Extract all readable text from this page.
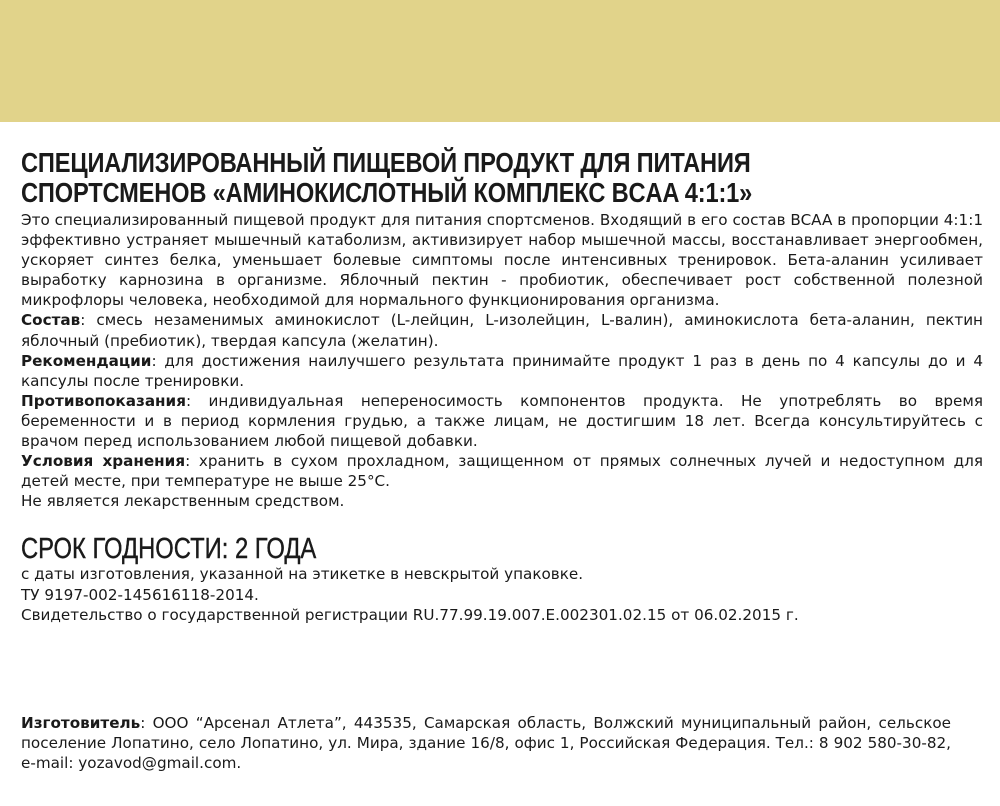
СПЕЦИАЛИЗИРОВАННЫЙ ПИЩЕВОЙ ПРОДУКТ ДЛЯ ПИТАНИЯ
СПОРТСМЕНОВ «АМИНОКИСЛОТНЫЙ КОМПЛЕКС BCAA 4:1:1»

Это специализированный пищевой продукт для питания спортсменов. Входящий в его состав BCAA в пропорции 4:1:1 эффективно устраняет мышечный катаболизм, активизирует набор мышечной массы, восстанавливает энергообмен, ускоряет синтез белка, уменьшает болевые симптомы после интенсивных тренировок. Бета-аланин усиливает выработку карнозина в организме. Яблочный пектин - пробиотик, обеспечивает рост собственной полезной микрофлоры человека, необходимой для нормального функционирования организма.

Состав: смесь незаменимых аминокислот (L-лейцин, L-изолейцин, L-валин), аминокислота бета-аланин, пектин яблочный (пребиотик), твердая капсула (желатин).

Рекомендации: для достижения наилучшего результата принимайте продукт 1 раз в день по 4 капсулы до и 4 капсулы после тренировки.

Противопоказания: индивидуальная непереносимость компонентов продукта. Не употреблять во время беременности и в период кормления грудью, а также лицам, не достигшим 18 лет. Всегда консультируйтесь с врачом перед использованием любой пищевой добавки.

Условия хранения: хранить в сухом прохладном, защищенном от прямых солнечных лучей и недоступном для детей месте, при температуре не выше 25°С.

Не является лекарственным средством.

СРОК ГОДНОСТИ: 2 ГОДА

с даты изготовления, указанной на этикетке в невскрытой упаковке.

ТУ 9197-002-145616118-2014.

Свидетельство о государственной регистрации RU.77.99.19.007.Е.002301.02.15 от 06.02.2015 г.

Изготовитель: ООО “Арсенал Атлета”, 443535, Самарская область, Волжский муниципальный район, сельское поселение Лопатино, село Лопатино, ул. Мира, здание 16/8, офис 1, Российская Федерация. Тел.: 8 902 580-30-82, e-mail: yozavod@gmail.com.
